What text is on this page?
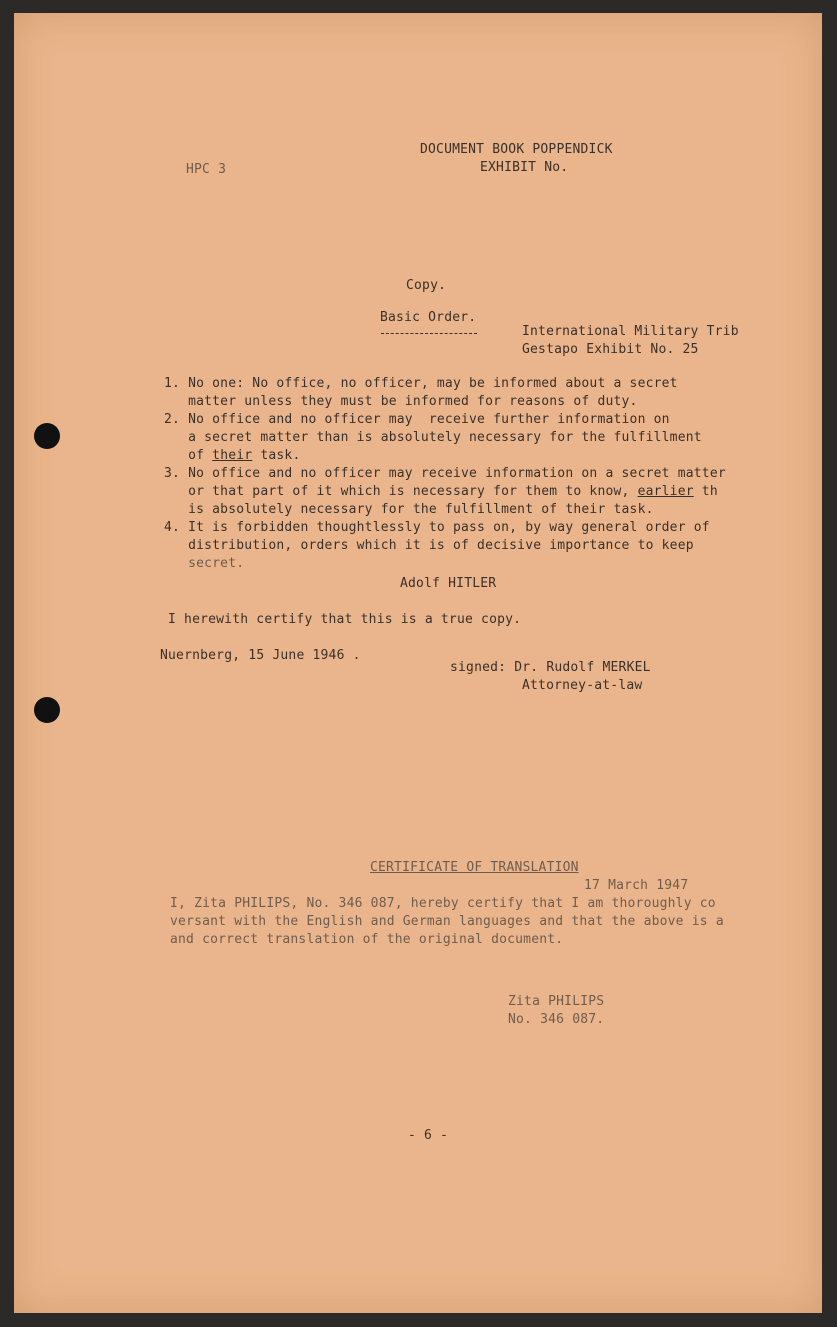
HPC 3

DOCUMENT BOOK POPPENDICK

EXHIBIT No.

Copy.

Basic Order.

International Military Trib

Gestapo Exhibit No. 25

1. No one: No office, no officer, may be informed about a secret

matter unless they must be informed for reasons of duty.

2. No office and no officer may  receive further information on

a secret matter than is absolutely necessary for the fulfillment

of their task.

3. No office and no officer may receive information on a secret matter

or that part of it which is necessary for them to know, earlier th

is absolutely necessary for the fulfillment of their task.

4. It is forbidden thoughtlessly to pass on, by way general order of

distribution, orders which it is of decisive importance to keep

secret.

Adolf HITLER

I herewith certify that this is a true copy.

Nuernberg, 15 June 1946 .

signed: Dr. Rudolf MERKEL

Attorney-at-law

CERTIFICATE OF TRANSLATION

17 March 1947

I, Zita PHILIPS, No. 346 087, hereby certify that I am thoroughly co

versant with the English and German languages and that the above is a

and correct translation of the original document.

Zita PHILIPS

No. 346 087.

- 6 -
